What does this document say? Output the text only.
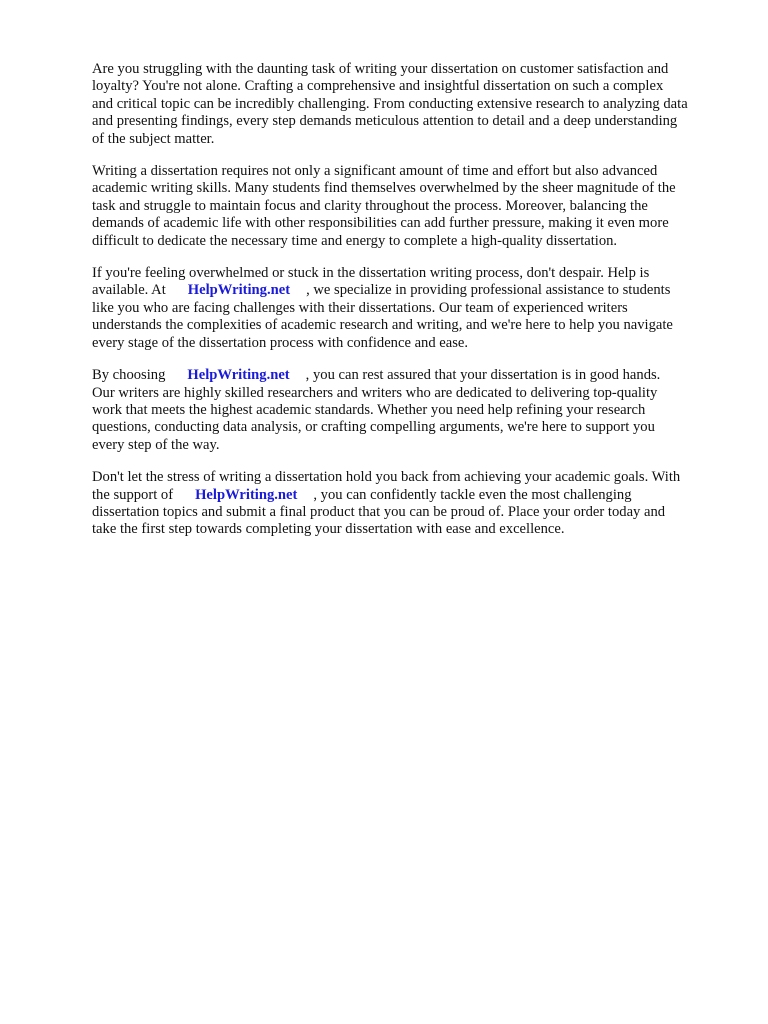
Are you struggling with the daunting task of writing your dissertation on customer satisfaction and
loyalty? You're not alone. Crafting a comprehensive and insightful dissertation on such a complex
and critical topic can be incredibly challenging. From conducting extensive research to analyzing data
and presenting findings, every step demands meticulous attention to detail and a deep understanding
of the subject matter.

Writing a dissertation requires not only a significant amount of time and effort but also advanced
academic writing skills. Many students find themselves overwhelmed by the sheer magnitude of the
task and struggle to maintain focus and clarity throughout the process. Moreover, balancing the
demands of academic life with other responsibilities can add further pressure, making it even more
difficult to dedicate the necessary time and energy to complete a high-quality dissertation.

If you're feeling overwhelmed or stuck in the dissertation writing process, don't despair. Help is
available. At HelpWriting.net , we specialize in providing professional assistance to students
like you who are facing challenges with their dissertations. Our team of experienced writers
understands the complexities of academic research and writing, and we're here to help you navigate
every stage of the dissertation process with confidence and ease.

By choosing HelpWriting.net , you can rest assured that your dissertation is in good hands.
Our writers are highly skilled researchers and writers who are dedicated to delivering top-quality
work that meets the highest academic standards. Whether you need help refining your research
questions, conducting data analysis, or crafting compelling arguments, we're here to support you
every step of the way.

Don't let the stress of writing a dissertation hold you back from achieving your academic goals. With
the support of HelpWriting.net , you can confidently tackle even the most challenging
dissertation topics and submit a final product that you can be proud of. Place your order today and
take the first step towards completing your dissertation with ease and excellence.
